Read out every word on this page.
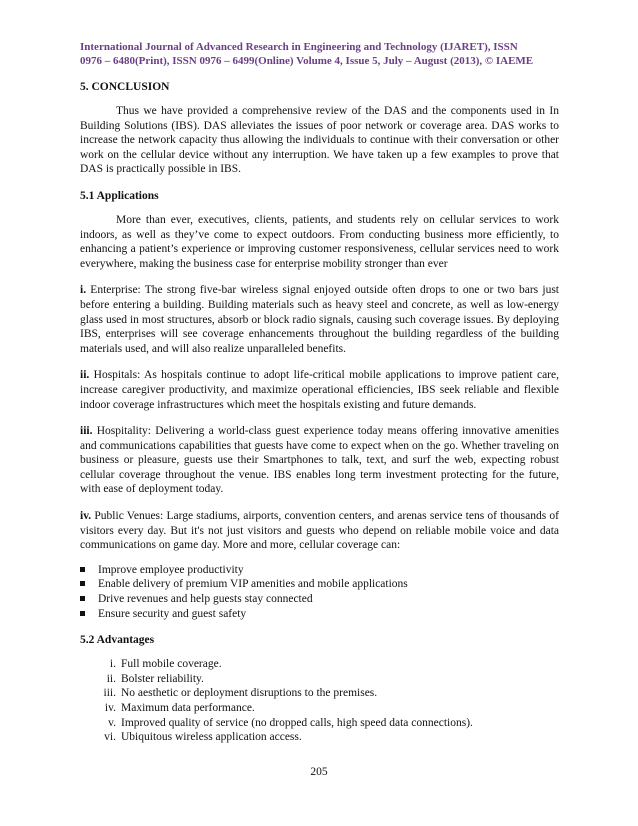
International Journal of Advanced Research in Engineering and Technology (IJARET), ISSN
0976 – 6480(Print), ISSN 0976 – 6499(Online) Volume 4, Issue 5, July – August (2013), © IAEME
5. CONCLUSION

Thus we have provided a comprehensive review of the DAS and the components used in In Building Solutions (IBS). DAS alleviates the issues of poor network or coverage area. DAS works to increase the network capacity thus allowing the individuals to continue with their conversation or other work on the cellular device without any interruption. We have taken up a few examples to prove that DAS is practically possible in IBS.

5.1 Applications

More than ever, executives, clients, patients, and students rely on cellular services to work indoors, as well as they’ve come to expect outdoors. From conducting business more efficiently, to enhancing a patient’s experience or improving customer responsiveness, cellular services need to work everywhere, making the business case for enterprise mobility stronger than ever

i. Enterprise: The strong five-bar wireless signal enjoyed outside often drops to one or two bars just before entering a building. Building materials such as heavy steel and concrete, as well as low-energy glass used in most structures, absorb or block radio signals, causing such coverage issues. By deploying IBS, enterprises will see coverage enhancements throughout the building regardless of the building materials used, and will also realize unparalleled benefits.

ii. Hospitals: As hospitals continue to adopt life-critical mobile applications to improve patient care, increase caregiver productivity, and maximize operational efficiencies, IBS seek reliable and flexible indoor coverage infrastructures which meet the hospitals existing and future demands.

iii. Hospitality: Delivering a world-class guest experience today means offering innovative amenities and communications capabilities that guests have come to expect when on the go. Whether traveling on business or pleasure, guests use their Smartphones to talk, text, and surf the web, expecting robust cellular coverage throughout the venue. IBS enables long term investment protecting for the future, with ease of deployment today.

iv. Public Venues: Large stadiums, airports, convention centers, and arenas service tens of thousands of visitors every day. But it's not just visitors and guests who depend on reliable mobile voice and data communications on game day. More and more, cellular coverage can:

Improve employee productivity
Enable delivery of premium VIP amenities and mobile applications
Drive revenues and help guests stay connected
Ensure security and guest safety
5.2 Advantages
i. Full mobile coverage.
ii. Bolster reliability.
iii. No aesthetic or deployment disruptions to the premises.
iv. Maximum data performance.
v. Improved quality of service (no dropped calls, high speed data connections).
vi. Ubiquitous wireless application access.
205
